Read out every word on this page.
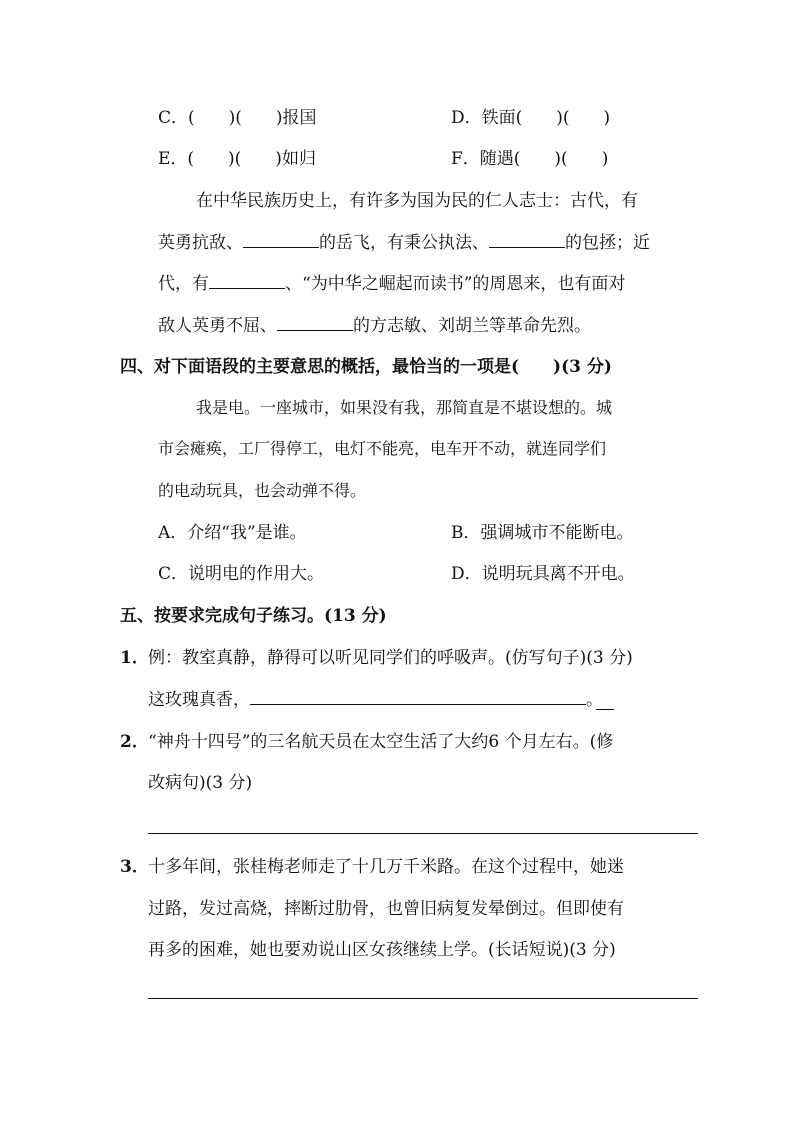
C．(　　)(　　)报国	D．铁面(　　)(　　)
E．(　　)(　　)如归	F．随遇(　　)(　　)
在中华民族历史上，有许多为国为民的仁人志士：古代，有
英勇抗敌、	的岳飞，有秉公执法、	的包拯；近
代，有	、“为中华之崛起而读书”的周恩来，也有面对
敌人英勇不屈、	的方志敏、刘胡兰等革命先烈。
四、对下面语段的主要意思的概括，最恰当的一项是(　　)(3 分)
我是电。一座城市，如果没有我，那简直是不堪设想的。城
市会瘫痪，工厂得停工，电灯不能亮，电车开不动，就连同学们
的电动玩具，也会动弹不得。
A．介绍“我”是谁。	B．强调城市不能断电。
C．说明电的作用大。	D．说明玩具离不开电。
五、按要求完成句子练习。(13 分)
1． 例：教室真静，静得可以听见同学们的呼吸声。(仿写句子)(3 分)
这玫瑰真香，	。
2． “神舟十四号”的三名航天员在太空生活了大约6 个月左右。(修
改病句)(3 分)
3． 十多年间，张桂梅老师走了十几万千米路。在这个过程中，她迷
过路，发过高烧，摔断过肋骨，也曾旧病复发晕倒过。但即使有
再多的困难，她也要劝说山区女孩继续上学。(长话短说)(3 分)
